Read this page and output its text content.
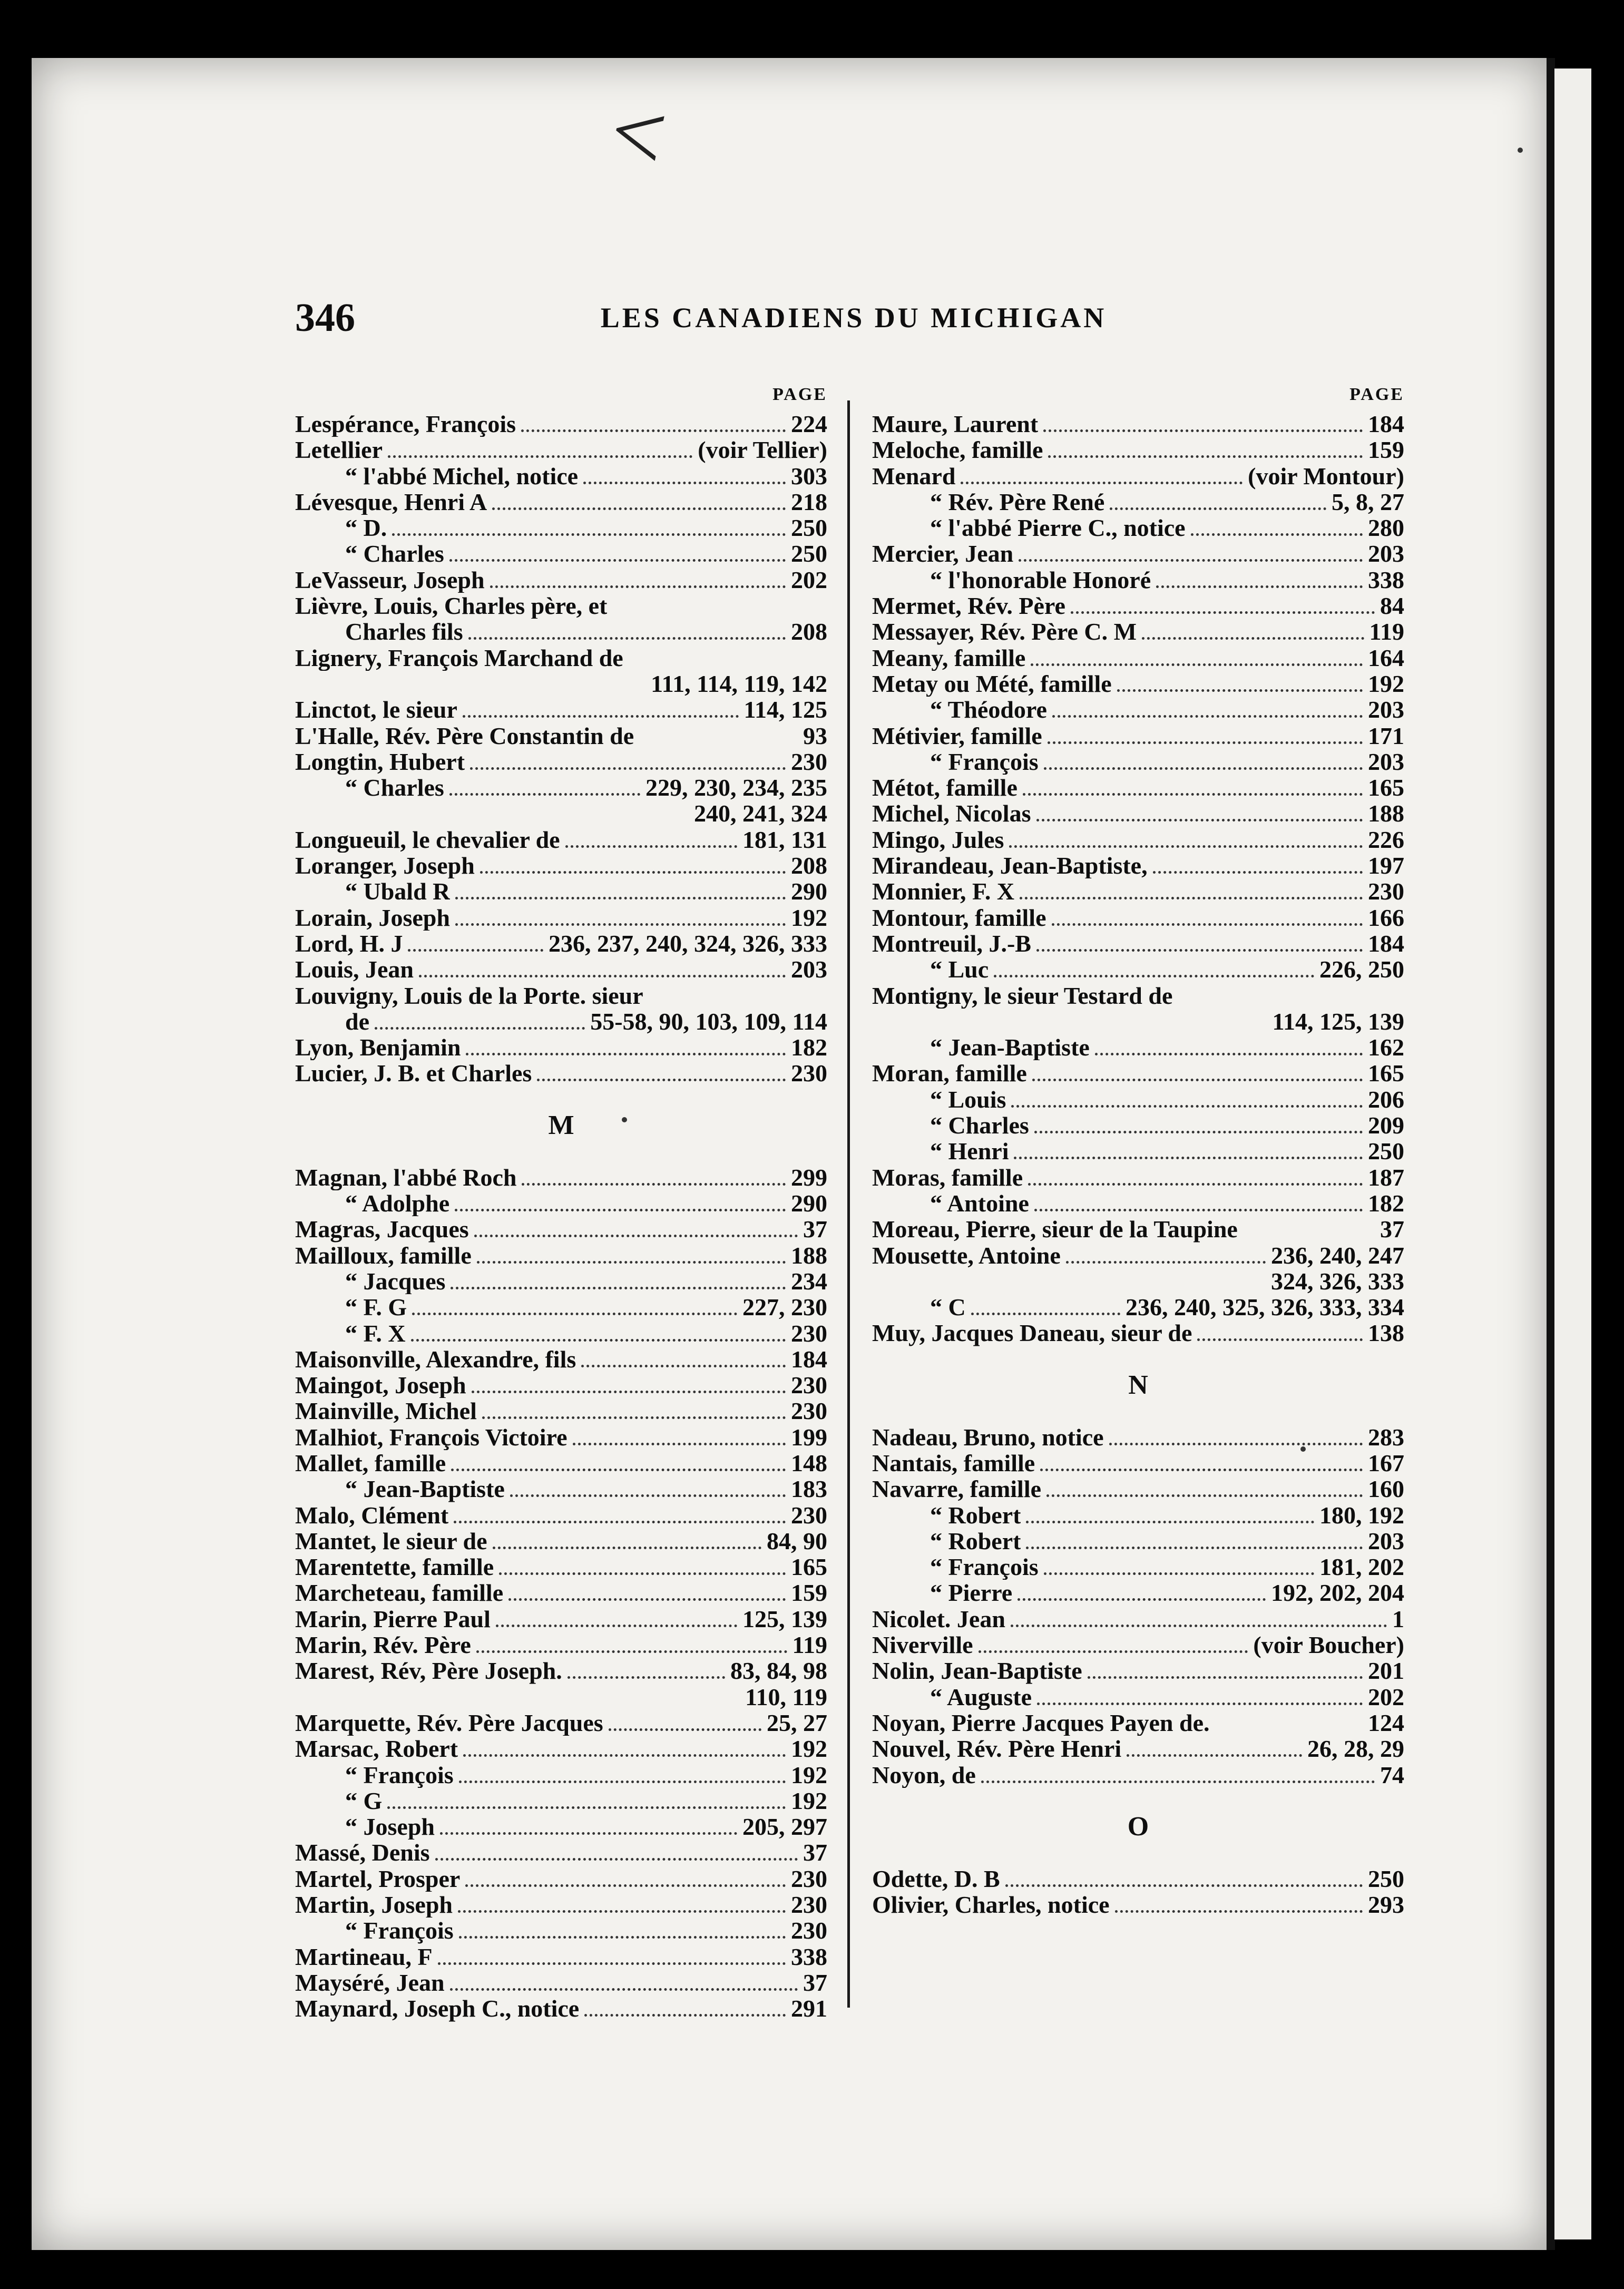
<
346	LES CANADIENS DU MICHIGAN
PAGE
Lespérance, François	224
Letellier	(voir Tellier)
“ l'abbé Michel, notice	303
Lévesque, Henri A	218
“ D.	250
“ Charles	250
LeVasseur, Joseph	202
Lièvre, Louis, Charles père, et
Charles fils	208
Lignery, François Marchand de
111, 114, 119, 142
Linctot, le sieur	114, 125
L'Halle, Rév. Père Constantin de	93
Longtin, Hubert	230
“ Charles	229, 230, 234, 235
240, 241, 324
Longueuil, le chevalier de	181, 131
Loranger, Joseph	208
“ Ubald R	290
Lorain, Joseph	192
Lord, H. J	236, 237, 240, 324, 326, 333
Louis, Jean	203
Louvigny, Louis de la Porte. sieur
de	55-58, 90, 103, 109, 114
Lyon, Benjamin	182
Lucier, J. B. et Charles	230
M
Magnan, l'abbé Roch	299
“ Adolphe	290
Magras, Jacques	37
Mailloux, famille	188
“ Jacques	234
“ F. G	227, 230
“ F. X	230
Maisonville, Alexandre, fils	184
Maingot, Joseph	230
Mainville, Michel	230
Malhiot, François Victoire	199
Mallet, famille	148
“ Jean-Baptiste	183
Malo, Clément	230
Mantet, le sieur de	84, 90
Marentette, famille	165
Marcheteau, famille	159
Marin, Pierre Paul	125, 139
Marin, Rév. Père	119
Marest, Rév, Père Joseph.	83, 84, 98
110, 119
Marquette, Rév. Père Jacques	25, 27
Marsac, Robert	192
“ François	192
“ G	192
“ Joseph	205, 297
Massé, Denis	37
Martel, Prosper	230
Martin, Joseph	230
“ François	230
Martineau, F	338
Mayséré, Jean	37
Maynard, Joseph C., notice	291
PAGE
Maure, Laurent	184
Meloche, famille	159
Menard	(voir Montour)
“ Rév. Père René	5, 8, 27
“ l'abbé Pierre C., notice	280
Mercier, Jean	203
“ l'honorable Honoré	338
Mermet, Rév. Père	84
Messayer, Rév. Père C. M	119
Meany, famille	164
Metay ou Mété, famille	192
“ Théodore	203
Métivier, famille	171
“ François	203
Métot, famille	165
Michel, Nicolas	188
Mingo, Jules	226
Mirandeau, Jean-Baptiste,	197
Monnier, F. X	230
Montour, famille	166
Montreuil, J.-B	184
“ Luc	226, 250
Montigny, le sieur Testard de
114, 125, 139
“ Jean-Baptiste	162
Moran, famille	165
“ Louis	206
“ Charles	209
“ Henri	250
Moras, famille	187
“ Antoine	182
Moreau, Pierre, sieur de la Taupine	37
Mousette, Antoine	236, 240, 247
324, 326, 333
“ C	236, 240, 325, 326, 333, 334
Muy, Jacques Daneau, sieur de	138
N
Nadeau, Bruno, notice	283
Nantais, famille	167
Navarre, famille	160
“ Robert	180, 192
“ Robert	203
“ François	181, 202
“ Pierre	192, 202, 204
Nicolet. Jean	1
Niverville	(voir Boucher)
Nolin, Jean-Baptiste	201
“ Auguste	202
Noyan, Pierre Jacques Payen de.	124
Nouvel, Rév. Père Henri	26, 28, 29
Noyon, de	74
O
Odette, D. B	250
Olivier, Charles, notice	293
